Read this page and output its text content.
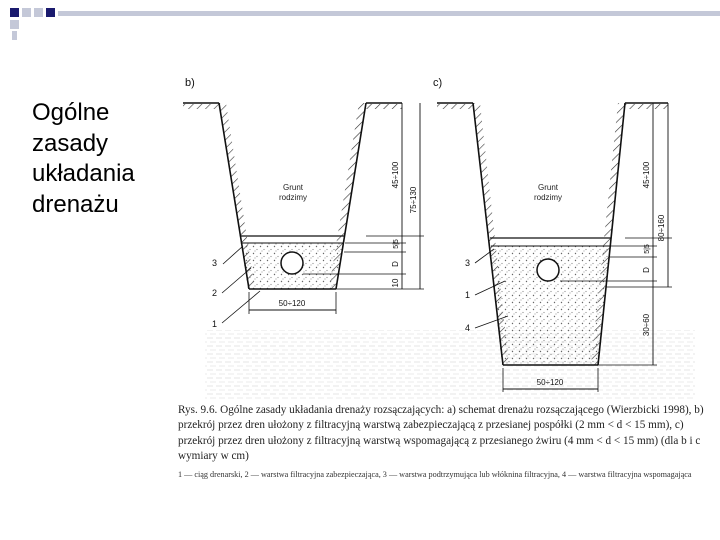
Ogólne
zasady
układania
drenażu
b)
Grunt
rodzimy
3
2
1
50÷120
45÷100
75÷130
5|5
D
10
c)
Grunt
rodzimy
3
1
4
50÷120
45÷100
80÷160
5|5
D
30÷60

Rys. 9.6. Ogólne zasady układania drenaży rozsączających: a) schemat drenażu rozsączającego (Wierzbicki 1998), b) przekrój przez dren ułożony z filtracyjną warstwą zabezpieczającą z przesianej pospółki (2 mm < d < 15 mm), c) przekrój przez dren ułożony z filtracyjną warstwą wspomagającą z przesianego żwiru (4 mm < d < 15 mm) (dla b i c wymiary w cm)

1 — ciąg drenarski, 2 — warstwa filtracyjna zabezpieczająca, 3 — warstwa podtrzymująca lub włóknina filtracyjna, 4 — warstwa filtracyjna wspomagająca
